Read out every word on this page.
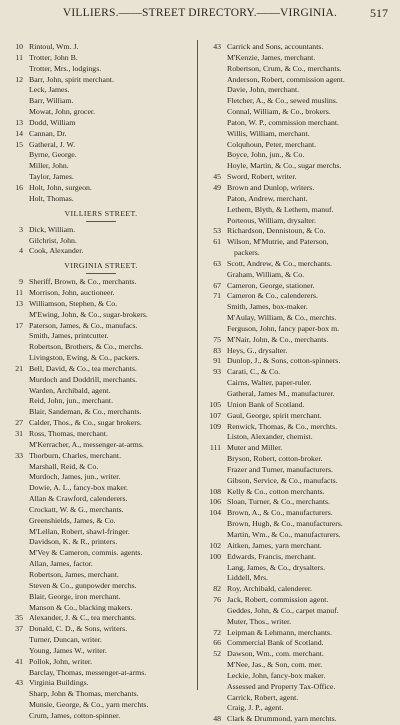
VILLIERS.——STREET DIRECTORY.——VIRGINIA.	517
10 Rintoul, Wm. J.
11 Trotter, John B.
Trotter, Mrs., lodgings.
12 Barr, John, spirit merchant.
Leck, James.
Barr, William.
Mowat, John, grocer.
13 Dodd, William
14 Cannan, Dr.
15 Gatheral, J. W.
Byrne, George.
Miller, John.
Taylor, James.
16 Holt, John, surgeon.
Holt, Thomas.
VILLIERS STREET.
3 Dick, William.
Gilchrist, John.
4 Cook, Alexander.
VIRGINIA STREET.
9 Sheriff, Brown, & Co., merchants.
11 Morrison, John, auctioneer.
13 Williamson, Stephen, & Co.
M'Ewing, John, & Co., sugar-brokers.
17 Paterson, James, & Co., manufacs.
Smith, James, printcutter.
Robertson, Brothers, & Co., merchs.
Livingston, Ewing, & Co., packers.
21 Bell, David, & Co., tea merchants.
Murdoch and Doddrill, merchants.
Warden, Archibald, agent.
Reid, John, jun., merchant.
Blair, Sandeman, & Co., merchants.
27 Calder, Thos., & Co., sugar brokers.
31 Ross, Thomas, merchant.
M'Kerracher, A., messenger-at-arms.
33 Thorburn, Charles, merchant.
Marshall, Reid, & Co.
Murdoch, James, jun., writer.
Dowie, A. L., fancy-box maker.
Allan & Crawford, calenderers.
Crockatt, W. & G., merchants.
Greenshields, James, & Co.
M'Lellan, Robert, shawl-fringer.
Davidson, K. & R., printers.
M'Vey & Cameron, commis. agents.
Allan, James, factor.
Robertson, James, merchant.
Steven & Co., gunpowder merchs.
Blair, George, iron merchant.
Manson & Co., blacking makers.
35 Alexander, J. & C., tea merchants.
37 Donald, C. D., & Sons, writers.
Turner, Duncan, writer.
Young, James W., writer.
41 Pollok, John, writer.
Barclay, Thomas, messenger-at-arms.
43 Virginia Buildings.
Sharp, John & Thomas, merchants.
Munsie, George, & Co., yarn merchts.
Crum, James, cotton-spinner.
43 Carrick and Sons, accountants.
M'Kenzie, James, merchant.
Robertson, Crum, & Co., merchants.
Anderson, Robert, commission agent.
Davie, John, merchant.
Fletcher, A., & Co., sewed muslins.
Connal, William, & Co., brokers.
Paton, W. P., commission merchant.
Willis, William, merchant.
Colquhoun, Peter, merchant.
Boyce, John, jun., & Co.
Hoyle, Martin, & Co., sugar merchs.
45 Sword, Robert, writer.
49 Brown and Dunlop, writers.
Paton, Andrew, merchant.
Lethem, Blyth, & Lethem, manuf.
Porteous, William, drysalter.
53 Richardson, Dennistoun, & Co.
61 Wilson, M'Mutrie, and Paterson,
packers.
63 Scott, Andrew, & Co., merchants.
Graham, William, & Co.
67 Cameron, George, stationer.
71 Cameron & Co., calenderers.
Smith, James, box-maker.
M'Aulay, William, & Co., merchts.
Ferguson, John, fancy paper-box m.
75 M'Nair, John, & Co., merchants.
83 Heys, G., drysalter.
91 Dunlop, J., & Sons, cotton-spinners.
93 Carati, C., & Co.
Cairns, Walter, paper-ruler.
Gatheral, James M., manufacturer.
105 Union Bank of Scotland.
107 Gaul, George, spirit merchant.
109 Renwick, Thomas, & Co., merchts.
Liston, Alexander, chemist.
111 Muter and Miller.
Bryson, Robert, cotton-broker.
Frazer and Turner, manufacturers.
Gibson, Service, & Co., manufacts.
108 Kelly & Co., cotton merchants.
106 Sloan, Turner, & Co., merchants.
104 Brown, A., & Co., manufacturers.
Brown, Hugh, & Co., manufacturers.
Martin, Wm., & Co., manufacturers.
102 Aitken, James, yarn merchant.
100 Edwards, Francis, merchant.
Lang, James, & Co., drysalters.
Liddell, Mrs.
82 Roy, Archibald, calenderer.
76 Jack, Robert, commission agent.
Geddes, John, & Co., carpet manuf.
Muter, Thos., writer.
72 Leipman & Lehmann, merchants.
66 Commercial Bank of Scotland.
52 Dawson, Wm., com. merchant.
M'Nee, Jas., & Son, com. mer.
Leckie, John, fancy-box maker.
Assessed and Property Tax-Office.
Carrick, Robert, agent.
Craig, J. P., agent.
48 Clark & Drummond, yarn merchts.
